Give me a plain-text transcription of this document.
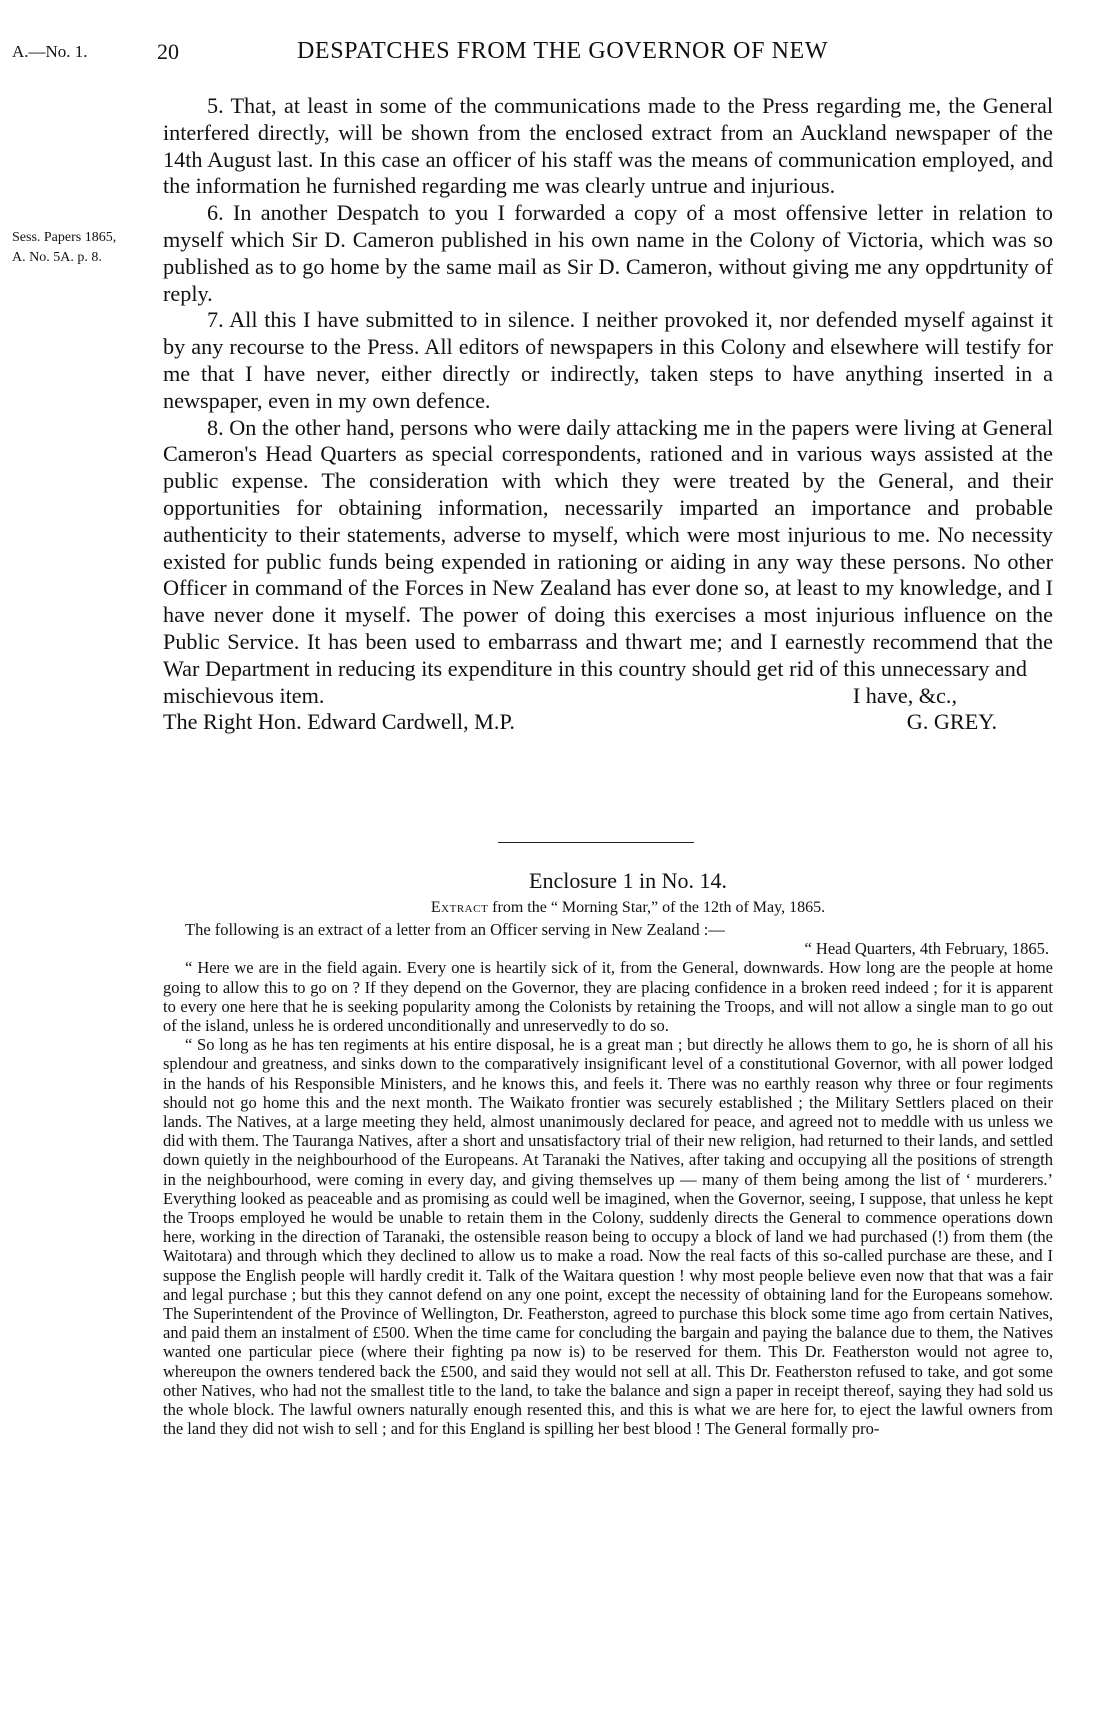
A.—No. 1.	20	DESPATCHES FROM THE GOVERNOR OF NEW
Sess. Papers 1865,
A. No. 5A. p. 8.

5. That, at least in some of the communications made to the Press regarding me, the General interfered directly, will be shown from the enclosed extract from an Auckland newspaper of the 14th August last. In this case an officer of his staff was the means of communication employed, and the information he furnished regarding me was clearly untrue and injurious.

6. In another Despatch to you I forwarded a copy of a most offensive letter in relation to myself which Sir D. Cameron published in his own name in the Colony of Victoria, which was so published as to go home by the same mail as Sir D. Cameron, without giving me any oppdrtunity of reply.

7. All this I have submitted to in silence. I neither provoked it, nor defended myself against it by any recourse to the Press. All editors of newspapers in this Colony and elsewhere will testify for me that I have never, either directly or indirectly, taken steps to have anything inserted in a newspaper, even in my own defence.

8. On the other hand, persons who were daily attacking me in the papers were living at General Cameron's Head Quarters as special correspondents, rationed and in various ways assisted at the public expense. The consideration with which they were treated by the General, and their opportunities for obtaining information, necessarily imparted an importance and probable authenticity to their statements, adverse to myself, which were most injurious to me. No necessity existed for public funds being expended in rationing or aiding in any way these persons. No other Officer in command of the Forces in New Zealand has ever done so, at least to my knowledge, and I have never done it myself. The power of doing this exercises a most injurious influence on the Public Service. It has been used to embarrass and thwart me; and I earnestly recommend that the War Department in reducing its expenditure in this country should get rid of this unnecessary and

mischievous item.	I have, &c.,
The Right Hon. Edward Cardwell, M.P.	G. GREY.
Enclosure 1 in No. 14.
Extract from the “ Morning Star,” of the 12th of May, 1865.

The following is an extract of a letter from an Officer serving in New Zealand :—

“ Head Quarters, 4th February, 1865.

“ Here we are in the field again. Every one is heartily sick of it, from the General, downwards. How long are the people at home going to allow this to go on ? If they depend on the Governor, they are placing confidence in a broken reed indeed ; for it is apparent to every one here that he is seeking popularity among the Colonists by retaining the Troops, and will not allow a single man to go out of the island, unless he is ordered unconditionally and unreservedly to do so.

“ So long as he has ten regiments at his entire disposal, he is a great man ; but directly he allows them to go, he is shorn of all his splendour and greatness, and sinks down to the comparatively insignificant level of a constitutional Governor, with all power lodged in the hands of his Responsible Ministers, and he knows this, and feels it. There was no earthly reason why three or four regiments should not go home this and the next month. The Waikato frontier was securely established ; the Military Settlers placed on their lands. The Natives, at a large meeting they held, almost unanimously declared for peace, and agreed not to meddle with us unless we did with them. The Tauranga Natives, after a short and unsatisfactory trial of their new religion, had returned to their lands, and settled down quietly in the neighbourhood of the Europeans. At Taranaki the Natives, after taking and occupying all the positions of strength in the neighbourhood, were coming in every day, and giving themselves up — many of them being among the list of ‘ murderers.’ Everything looked as peaceable and as promising as could well be imagined, when the Governor, seeing, I suppose, that unless he kept the Troops employed he would be unable to retain them in the Colony, suddenly directs the General to commence operations down here, working in the direction of Taranaki, the ostensible reason being to occupy a block of land we had purchased (!) from them (the Waitotara) and through which they declined to allow us to make a road. Now the real facts of this so-called purchase are these, and I suppose the English people will hardly credit it. Talk of the Waitara question ! why most people believe even now that that was a fair and legal purchase ; but this they cannot defend on any one point, except the necessity of obtaining land for the Europeans somehow. The Superintendent of the Province of Wellington, Dr. Featherston, agreed to purchase this block some time ago from certain Natives, and paid them an instalment of £500. When the time came for concluding the bargain and paying the balance due to them, the Natives wanted one particular piece (where their fighting pa now is) to be reserved for them. This Dr. Featherston would not agree to, whereupon the owners tendered back the £500, and said they would not sell at all. This Dr. Featherston refused to take, and got some other Natives, who had not the smallest title to the land, to take the balance and sign a paper in receipt thereof, saying they had sold us the whole block. The lawful owners naturally enough resented this, and this is what we are here for, to eject the lawful owners from the land they did not wish to sell ; and for this England is spilling her best blood ! The General formally pro-
